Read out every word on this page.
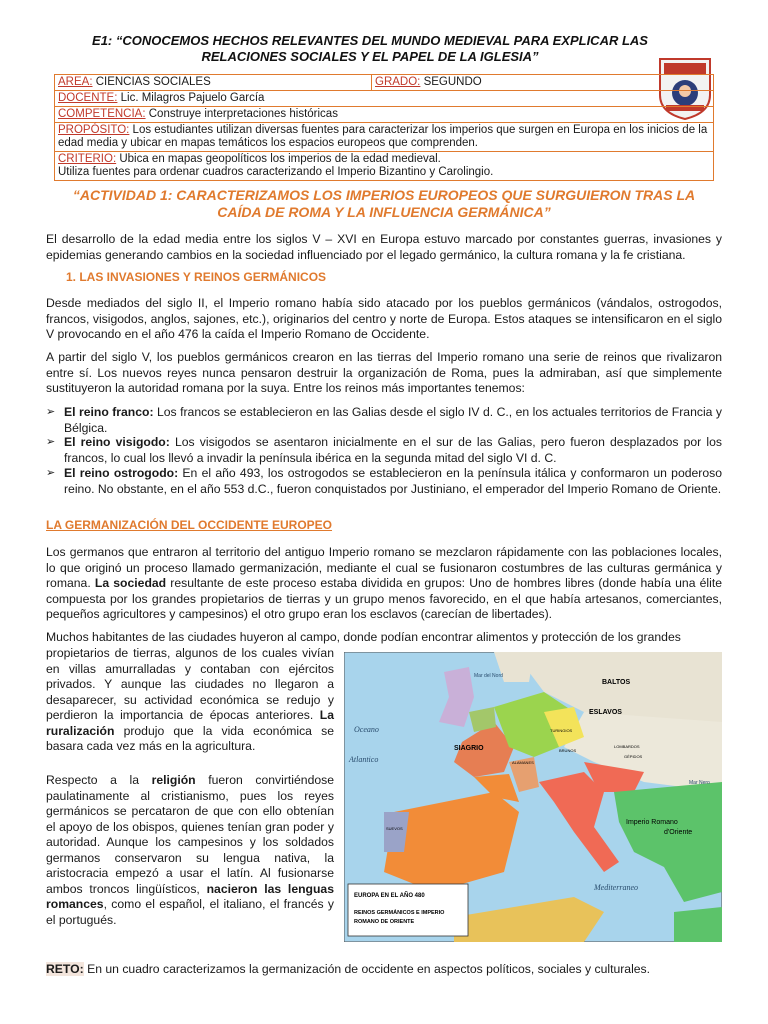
E1: “CONOCEMOS HECHOS RELEVANTES DEL MUNDO MEDIEVAL PARA EXPLICAR LAS
RELACIONES SOCIALES Y EL PAPEL DE LA IGLESIA”
AREA: CIENCIAS SOCIALES	GRADO: SEGUNDO
DOCENTE: Lic. Milagros Pajuelo García
COMPETENCIA: Construye interpretaciones históricas
PROPÓSITO: Los estudiantes utilizan diversas fuentes para caracterizar los imperios que surgen en Europa en los inicios de la edad media y ubicar en mapas temáticos los espacios europeos que comprenden.
CRITERIO: Ubica en mapas geopolíticos los imperios de la edad medieval.
Utiliza fuentes para ordenar cuadros caracterizando el Imperio Bizantino y Carolingio.
“ACTIVIDAD 1: CARACTERIZAMOS LOS IMPERIOS EUROPEOS QUE SURGUIERON TRAS LA
CAÍDA DE ROMA Y LA INFLUENCIA GERMÁNICA”
El desarrollo de la edad media entre los siglos V – XVI en Europa estuvo marcado por constantes guerras, invasiones y epidemias generando cambios en la sociedad influenciado por el legado germánico, la cultura romana y la fe cristiana.
1. LAS INVASIONES Y REINOS GERMÁNICOS
Desde mediados del siglo II, el Imperio romano había sido atacado por los pueblos germánicos (vándalos, ostrogodos, francos, visigodos, anglos, sajones, etc.), originarios del centro y norte de Europa. Estos ataques se intensificaron en el siglo V provocando en el año 476 la caída el Imperio Romano de Occidente.
A partir del siglo V, los pueblos germánicos crearon en las tierras del Imperio romano una serie de reinos que rivalizaron entre sí. Los nuevos reyes nunca pensaron destruir la organización de Roma, pues la admiraban, así que simplemente sustituyeron la autoridad romana por la suya. Entre los reinos más importantes tenemos:
➢ El reino franco: Los francos se establecieron en las Galias desde el siglo IV d. C., en los actuales territorios de Francia y Bélgica.
➢ El reino visigodo: Los visigodos se asentaron inicialmente en el sur de las Galias, pero fueron desplazados por los francos, lo cual los llevó a invadir la península ibérica en la segunda mitad del siglo VI d. C.
➢ El reino ostrogodo: En el año 493, los ostrogodos se establecieron en la península itálica y conformaron un poderoso reino. No obstante, en el año 553 d.C., fueron conquistados por Justiniano, el emperador del Imperio Romano de Oriente.
LA GERMANIZACIÓN DEL OCCIDENTE EUROPEO
Los germanos que entraron al territorio del antiguo Imperio romano se mezclaron rápidamente con las poblaciones locales, lo que originó un proceso llamado germanización, mediante el cual se fusionaron costumbres de las culturas germánica y romana. La sociedad resultante de este proceso estaba dividida en grupos: Uno de hombres libres (donde había una élite compuesta por los grandes propietarios de tierras y un grupo menos favorecido, en el que había artesanos, comerciantes, pequeños agricultores y campesinos) el otro grupo eran los esclavos (carecían de libertades).
Muchos habitantes de las ciudades huyeron al campo, donde podían encontrar alimentos y protección de los grandes
propietarios de tierras, algunos de los cuales vivían en villas amurralladas y contaban con ejércitos privados. Y aunque las ciudades no llegaron a desaparecer, su actividad económica se redujo y perdieron la importancia de épocas anteriores. La ruralización produjo que la vida económica se basara cada vez más en la agricultura.
Respecto a la religión fueron convirtiéndose paulatinamente al cristianismo, pues los reyes germánicos se percataron de que con ello obtenían el apoyo de los obispos, quienes tenían gran poder y autoridad. Aunque los campesinos y los soldados germanos conservaron su lengua nativa, la aristocracia empezó a usar el latín. Al fusionarse ambos troncos lingüísticos, nacieron las lenguas romances, como el español, el italiano, el francés y el portugués.
BALTOS
ESLAVOS
Oceano
Atlantico
SIAGRIO
Mediterraneo
Imperio Romano
d'Oriente
Mar del Nord
Mar Nero
SUEVOS
TURINGIOS
GÉPIDOS
LOMBARDOS
BRUNOS
ALAMANES
EUROPA EN EL AÑO 480
REINOS GERMÁNICOS E IMPERIO
ROMANO DE ORIENTE
RETO: En un cuadro caracterizamos la germanización de occidente en aspectos políticos, sociales y culturales.
